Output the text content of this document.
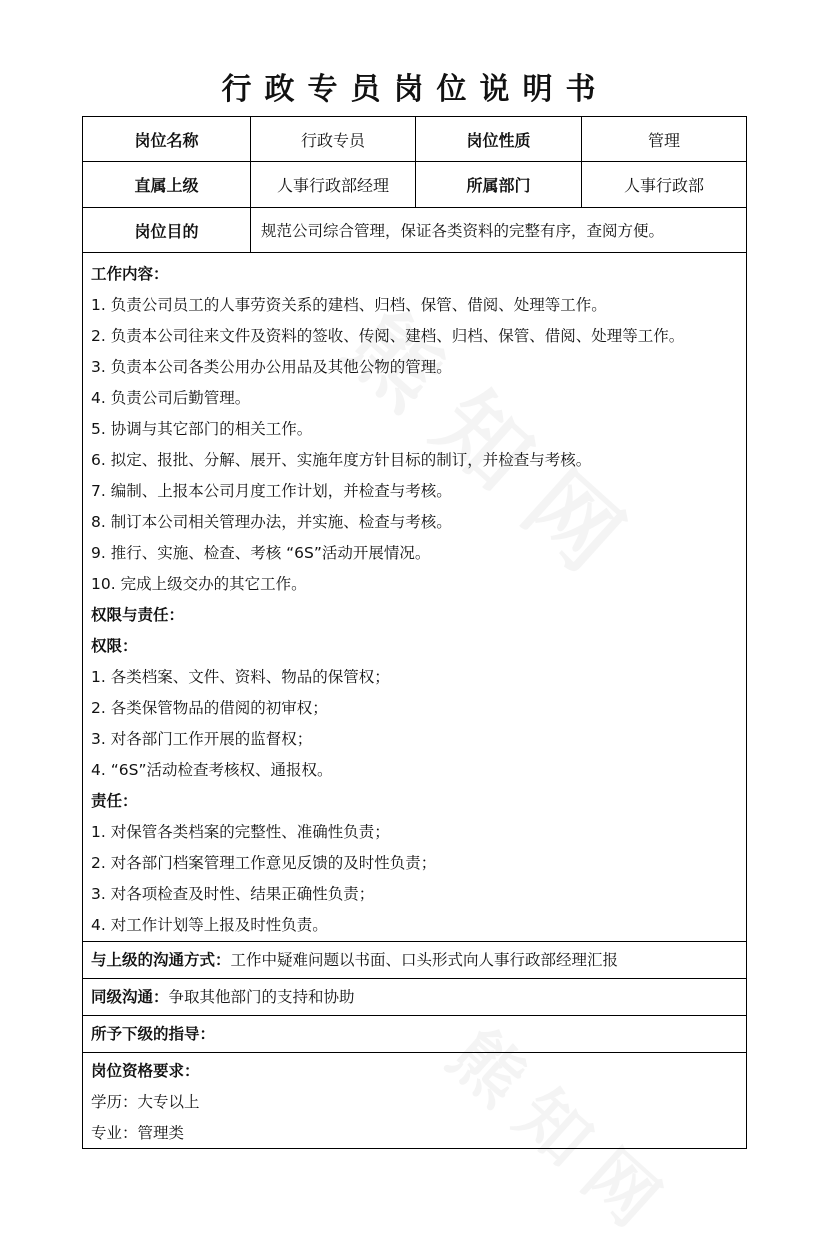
行政专员岗位说明书
岗位名称	行政专员	岗位性质	管理
直属上级	人事行政部经理	所属部门	人事行政部
岗位目的	规范公司综合管理，保证各类资料的完整有序，查阅方便。
工作内容：
1. 负责公司员工的人事劳资关系的建档、归档、保管、借阅、处理等工作。
2. 负责本公司往来文件及资料的签收、传阅、建档、归档、保管、借阅、处理等工作。
3. 负责本公司各类公用办公用品及其他公物的管理。
4. 负责公司后勤管理。
5. 协调与其它部门的相关工作。
6. 拟定、报批、分解、展开、实施年度方针目标的制订，并检查与考核。
7. 编制、上报本公司月度工作计划，并检查与考核。
8. 制订本公司相关管理办法，并实施、检查与考核。
9. 推行、实施、检查、考核 “6S”活动开展情况。
10. 完成上级交办的其它工作。
权限与责任：
权限：
1. 各类档案、文件、资料、物品的保管权；
2. 各类保管物品的借阅的初审权；
3. 对各部门工作开展的监督权；
4. “6S”活动检查考核权、通报权。
责任：
1. 对保管各类档案的完整性、准确性负责；
2. 对各部门档案管理工作意见反馈的及时性负责；
3. 对各项检查及时性、结果正确性负责；
4. 对工作计划等上报及时性负责。
与上级的沟通方式：工作中疑难问题以书面、口头形式向人事行政部经理汇报
同级沟通：争取其他部门的支持和协助
所予下级的指导：
岗位资格要求：
学历：大专以上
专业：管理类
